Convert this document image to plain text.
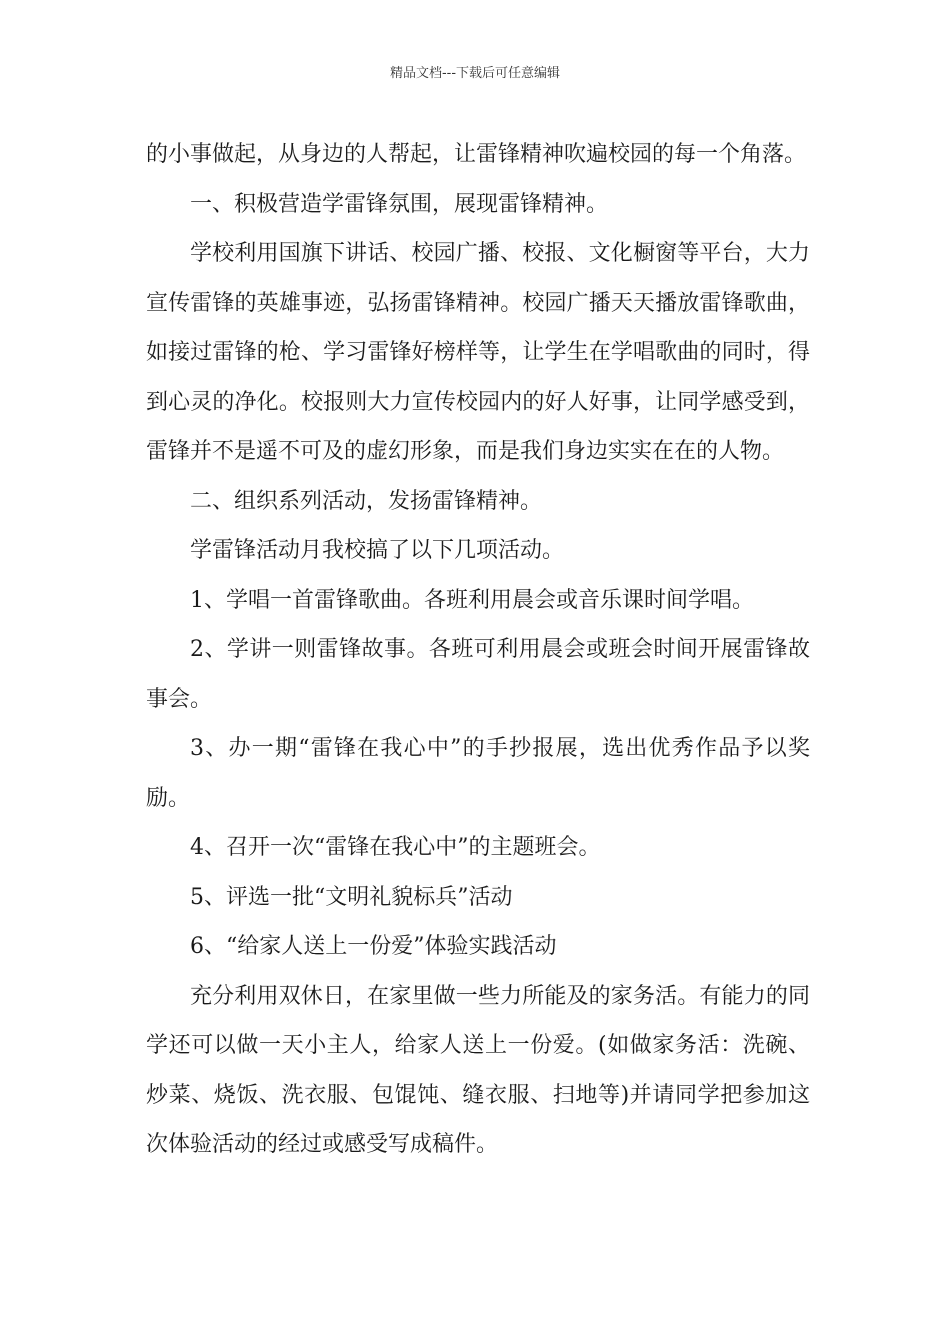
精品文档---下载后可任意编辑

的小事做起，从身边的人帮起，让雷锋精神吹遍校园的每一个角落。

一、积极营造学雷锋氛围，展现雷锋精神。

学校利用国旗下讲话、校园广播、校报、文化橱窗等平台，大力宣传雷锋的英雄事迹，弘扬雷锋精神。校园广播天天播放雷锋歌曲，如接过雷锋的枪、学习雷锋好榜样等，让学生在学唱歌曲的同时，得到心灵的净化。校报则大力宣传校园内的好人好事，让同学感受到，雷锋并不是遥不可及的虚幻形象，而是我们身边实实在在的人物。

二、组织系列活动，发扬雷锋精神。

学雷锋活动月我校搞了以下几项活动。

1、学唱一首雷锋歌曲。各班利用晨会或音乐课时间学唱。

2、学讲一则雷锋故事。各班可利用晨会或班会时间开展雷锋故事会。

3、办一期“雷锋在我心中”的手抄报展，选出优秀作品予以奖励。

4、召开一次“雷锋在我心中”的主题班会。

5、评选一批“文明礼貌标兵”活动

6、“给家人送上一份爱”体验实践活动

充分利用双休日，在家里做一些力所能及的家务活。有能力的同学还可以做一天小主人，给家人送上一份爱。(如做家务活：洗碗、炒菜、烧饭、洗衣服、包馄饨、缝衣服、扫地等)并请同学把参加这次体验活动的经过或感受写成稿件。
